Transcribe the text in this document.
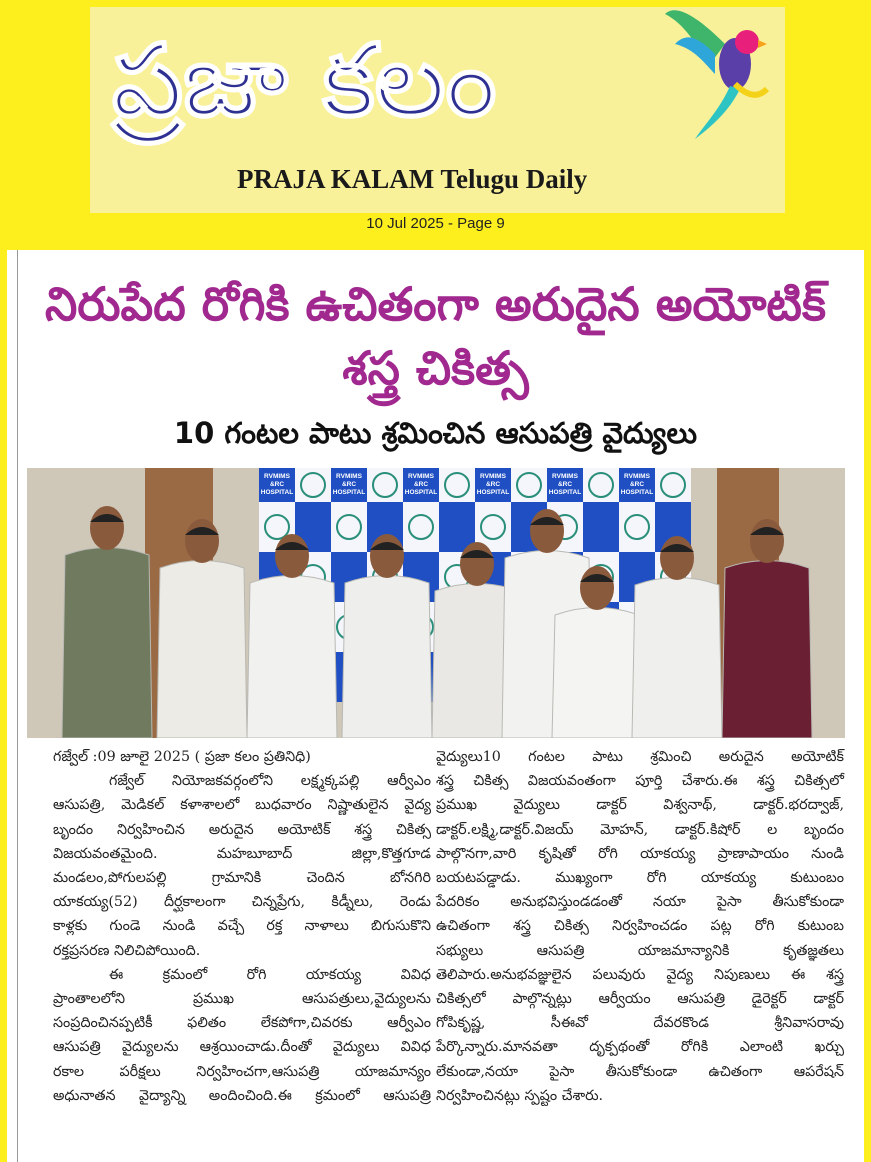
ప్రజా కలం
PRAJA KALAM Telugu Daily
10 Jul 2025 - Page 9
నిరుపేద రోగికి ఉచితంగా అరుదైన అయోటిక్ శస్త్ర చికిత్స
10 గంటల పాటు శ్రమించిన ఆసుపత్రి వైద్యులు
RVMIMS
&RC
HOSPITAL
RVMIMS
&RC
HOSPITAL
RVMIMS
&RC
HOSPITAL
RVMIMS
&RC
HOSPITAL
RVMIMS
&RC
HOSPITAL
RVMIMS
&RC
HOSPITAL
గజ్వేల్ :09 జూలై 2025 ( ప్రజా కలం ప్రతినిధి)
గజ్వేల్ నియోజకవర్గంలోని లక్ష్మక్కపల్లి ఆర్వీఎం
ఆసుపత్రి, మెడికల్ కళాశాలలో బుధవారం నిష్ణాతులైన వైద్య
బృందం నిర్వహించిన అరుదైన అయోటిక్ శస్త్ర చికిత్స
విజయవంతమైంది. మహబూబాద్ జిల్లా,కొత్తగూడ
మండలం,పోగులపల్లి గ్రామానికి చెందిన బోనగిరి
యాకయ్య(52) దీర్ఘకాలంగా చిన్నప్రేగు, కిడ్నీలు, రెండు
కాళ్లకు గుండె నుండి వచ్చే రక్త నాళాలు బిగుసుకొని
రక్తప్రసరణ నిలిచిపోయింది.
ఈ క్రమంలో రోగి యాకయ్య వివిధ
ప్రాంతాలలోని ప్రముఖ ఆసుపత్రులు,వైద్యులను
సంప్రదించినప్పటికీ ఫలితం లేకపోగా,చివరకు ఆర్వీఎం
ఆసుపత్రి వైద్యులను ఆశ్రయించాడు.దీంతో వైద్యులు వివిధ
రకాల పరీక్షలు నిర్వహించగా,ఆసుపత్రి యాజమాన్యం
అధునాతన వైద్యాన్ని అందించింది.ఈ క్రమంలో ఆసుపత్రి
వైద్యులు10 గంటల పాటు శ్రమించి అరుదైన అయోటిక్
శస్త్ర చికిత్స విజయవంతంగా పూర్తి చేశారు.ఈ శస్త్ర చికిత్సలో
ప్రముఖ వైద్యులు డాక్టర్ విశ్వనాథ్, డాక్టర్.భరద్వాజ్,
డాక్టర్.లక్ష్మి,డాక్టర్.విజయ్ మోహన్, డాక్టర్.కిషోర్ ల బృందం
పాల్గొనగా,వారి కృషితో రోగి యాకయ్య ప్రాణాపాయం నుండి
బయటపడ్డాడు. ముఖ్యంగా రోగి యాకయ్య కుటుంబం
పేదరికం అనుభవిస్తుండడంతో నయా పైసా తీసుకోకుండా
ఉచితంగా శస్త్ర చికిత్స నిర్వహించడం పట్ల రోగి కుటుంబ
సభ్యులు ఆసుపత్రి యాజమాన్యానికి కృతజ్ఞతలు
తెలిపారు.అనుభవజ్ఞులైన పలువురు వైద్య నిపుణులు ఈ శస్త్ర
చికిత్సలో పాల్గొన్నట్లు ఆర్వీయం ఆసుపత్రి డైరెక్టర్ డాక్టర్
గోపికృష్ణ, సీఈవో దేవరకొండ శ్రీనివాసరావు
పేర్కొన్నారు.మానవతా దృక్పథంతో రోగికి ఎలాంటి ఖర్చు
లేకుండా,నయా పైసా తీసుకోకుండా ఉచితంగా ఆపరేషన్
నిర్వహించినట్లు స్పష్టం చేశారు.
